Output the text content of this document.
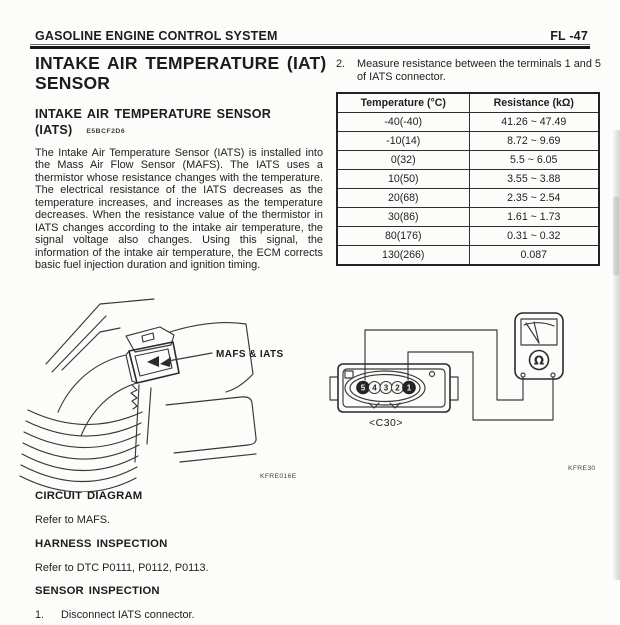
GASOLINE ENGINE CONTROL SYSTEM	FL -47
INTAKE AIR TEMPERATURE (IAT)
SENSOR
INTAKE AIR TEMPERATURE SENSOR
(IATS) E5BCF2D6
The Intake Air Temperature Sensor (IATS) is installed into the Mass Air Flow Sensor (MAFS). The IATS uses a thermistor whose resistance changes with the temperature. The electrical resistance of the IATS decreases as the temperature increases, and increases as the temperature decreases. When the resistance value of the thermistor in IATS changes according to the intake air temperature, the signal voltage also changes. Using this signal, the information of the intake air temperature, the ECM corrects basic fuel injection duration and ignition timing.
2.	Measure resistance between the terminals 1 and 5 of IATS connector.
Temperature (°C)	Resistance (kΩ)
-40(-40)	41.26 ~ 47.49
-10(14)	8.72 ~ 9.69
0(32)	5.5 ~ 6.05
10(50)	3.55 ~ 3.88
20(68)	2.35 ~ 2.54
30(86)	1.61 ~ 1.73
80(176)	0.31 ~ 0.32
130(266)	0.087
MAFS & IATS
KFRE016E
5 4 3 2 1
<C30>
Ω
KFRE30
CIRCUIT DIAGRAM
Refer to MAFS.
HARNESS INSPECTION
Refer to DTC P0111, P0112, P0113.
SENSOR INSPECTION
1.	Disconnect IATS connector.
